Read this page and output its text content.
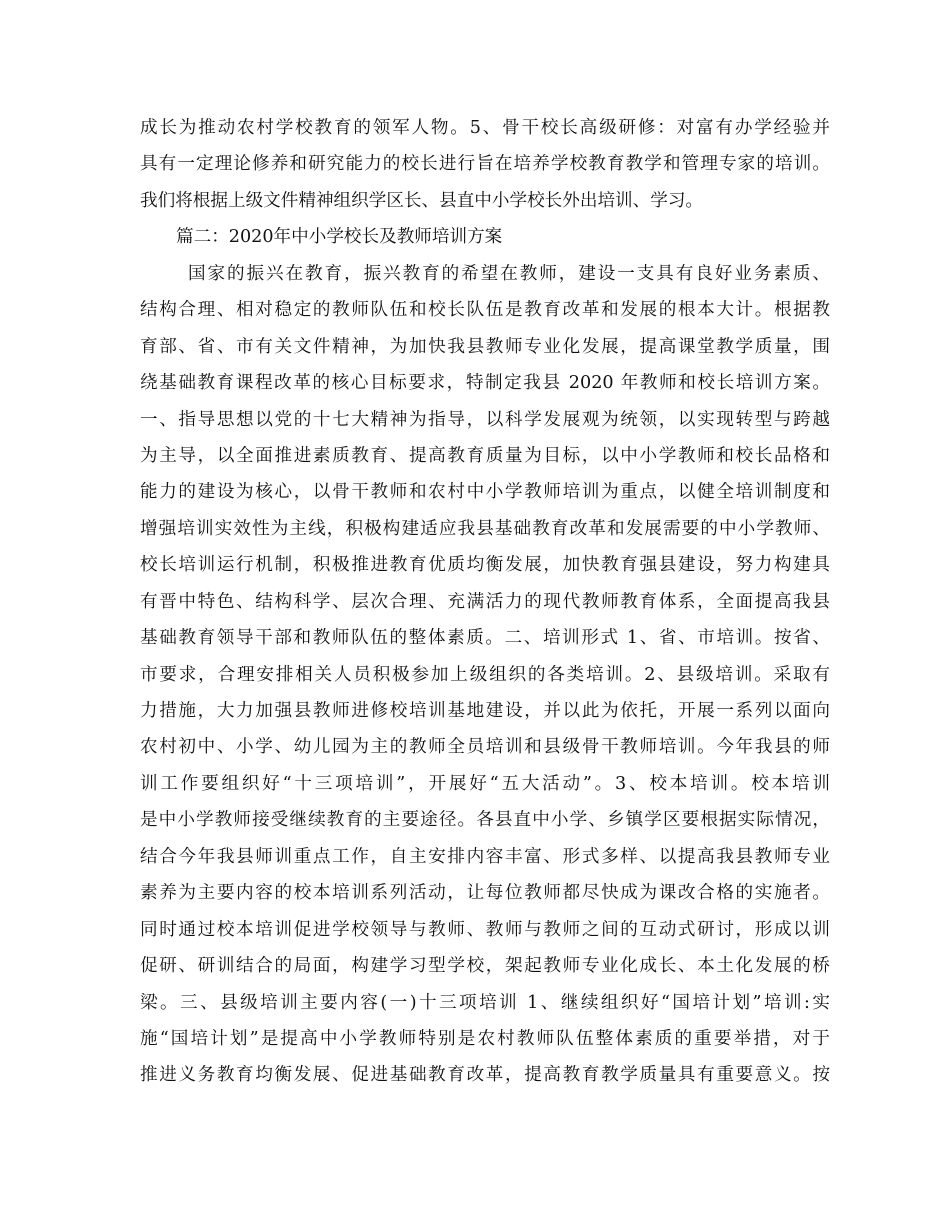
成长为推动农村学校教育的领军人物。5、骨干校长高级研修：对富有办学经验并
具有一定理论修养和研究能力的校长进行旨在培养学校教育教学和管理专家的培训。
我们将根据上级文件精神组织学区长、县直中小学校长外出培训、学习。
篇二：2020年中小学校长及教师培训方案
国家的振兴在教育，振兴教育的希望在教师，建设一支具有良好业务素质、
结构合理、相对稳定的教师队伍和校长队伍是教育改革和发展的根本大计。根据教
育部、省、市有关文件精神，为加快我县教师专业化发展，提高课堂教学质量，围
绕基础教育课程改革的核心目标要求，特制定我县 2020 年教师和校长培训方案。
一、指导思想以党的十七大精神为指导，以科学发展观为统领，以实现转型与跨越
为主导，以全面推进素质教育、提高教育质量为目标，以中小学教师和校长品格和
能力的建设为核心，以骨干教师和农村中小学教师培训为重点，以健全培训制度和
增强培训实效性为主线，积极构建适应我县基础教育改革和发展需要的中小学教师、
校长培训运行机制，积极推进教育优质均衡发展，加快教育强县建设，努力构建具
有晋中特色、结构科学、层次合理、充满活力的现代教师教育体系，全面提高我县
基础教育领导干部和教师队伍的整体素质。二、培训形式 1、省、市培训。按省、
市要求，合理安排相关人员积极参加上级组织的各类培训。2、县级培训。采取有
力措施，大力加强县教师进修校培训基地建设，并以此为依托，开展一系列以面向
农村初中、小学、幼儿园为主的教师全员培训和县级骨干教师培训。今年我县的师
训工作要组织好“十三项培训”，开展好“五大活动”。3、校本培训。校本培训
是中小学教师接受继续教育的主要途径。各县直中小学、乡镇学区要根据实际情况，
结合今年我县师训重点工作，自主安排内容丰富、形式多样、以提高我县教师专业
素养为主要内容的校本培训系列活动，让每位教师都尽快成为课改合格的实施者。
同时通过校本培训促进学校领导与教师、教师与教师之间的互动式研讨，形成以训
促研、研训结合的局面，构建学习型学校，架起教师专业化成长、本土化发展的桥
梁。三、县级培训主要内容(一)十三项培训 1、继续组织好“国培计划”培训:实
施“国培计划”是提高中小学教师特别是农村教师队伍整体素质的重要举措，对于
推进义务教育均衡发展、促进基础教育改革，提高教育教学质量具有重要意义。按
